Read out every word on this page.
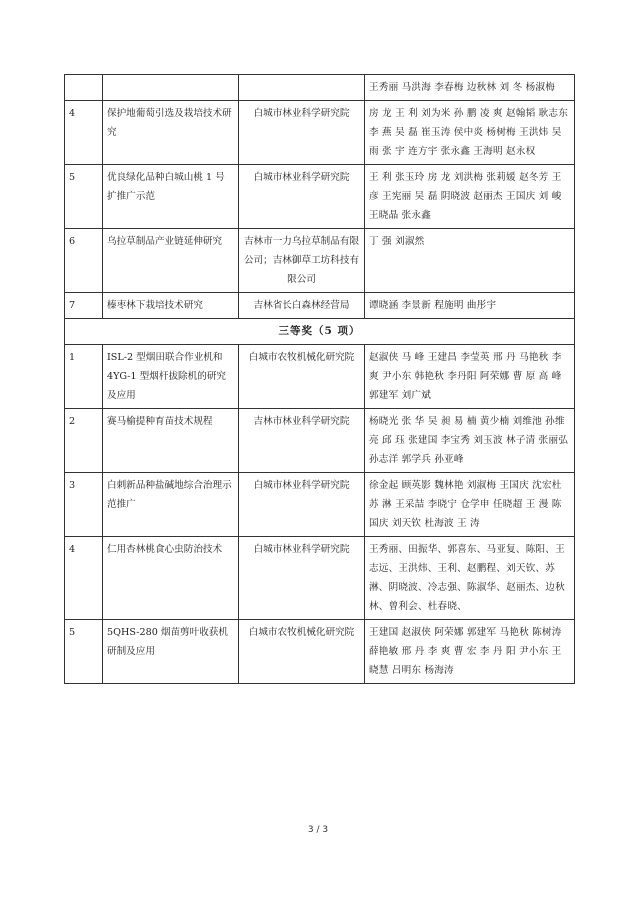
			王秀丽 马洪海 李春梅 边秋林 刘 冬 杨淑梅
4	保护地葡萄引选及栽培技术研究	白城市林业科学研究院	房 龙 王 利 刘为米 孙 鹏 凌 爽 赵翰韬 耿志东 李 燕 吴 磊 崔玉涛 侯中炎 杨树梅 王洪炜 吴 雨 张 宇 连方宇 张永鑫 王海明 赵永权
5	优良绿化品种白城山桃 1 号扩推广示范	白城市林业科学研究院	王 利 张玉玲 房 龙 刘洪梅 张莉媛 赵冬芳 王 彦 王宪丽 吴 磊 阴晓波 赵丽杰 王国庆 刘 峻 王晓晶 张永鑫
6	乌拉草制品产业链延伸研究	吉林市一力乌拉草制品有限公司；吉林御草工坊科技有限公司	丁 强 刘淑然
7	榛枣林下栽培技术研究	吉林省长白森林经营局	谭晓涵 李景新 程施明 曲彤宇
三等奖（5 项）			
1	ISL-2 型烟田联合作业机和 4YG-1 型烟杆拔除机的研究及应用	白城市农牧机械化研究院	赵淑侠 马 峰 王建昌 李莹英 邢 丹 马艳秋 李 爽 尹小东 韩艳秋 李丹阳 阿荣娜 曹 原 高 峰 郭建军 刘广斌
2	赛马榆提种育苗技术规程	吉林市林业科学研究院	杨晓光 张 华 吴 昶 易 楠 黄少楠 刘维池 孙维亮 邱 珏 张建国 李宝秀 刘玉波 林子清 张丽弘 孙志洋 郭学兵 孙亚峰
3	白刺新品种盐碱地综合治理示范推广	白城市林业科学研究院	徐金起 顾英影 魏林艳 刘淑梅 王国庆 沈宏杜 苏 淋 王采喆 李晓宁 仓学申 任晓超 王 漫 陈国庆 刘天钦 杜海波 王 涛
4	仁用杏林桃食心虫防治技术	白城市林业科学研究院	王秀丽、田振华、郭喜东、马亚复、陈阳、王志远、王洪炜、王利、赵鹏程、刘天钦、苏淋、阴晓波、冷志强、陈淑华、赵丽杰、边秋林、曾利会、杜春晓、
5	5QHS-280 烟苗剪叶收获机研制及应用	白城市农牧机械化研究院	王建国 赵淑侠 阿荣娜 郭建军 马艳秋 陈树涛 薛艳敏 邢 丹 李 爽 曹 宏 李 丹 阳 尹小东 王晓慧 吕明东 杨海涛
3 / 3
